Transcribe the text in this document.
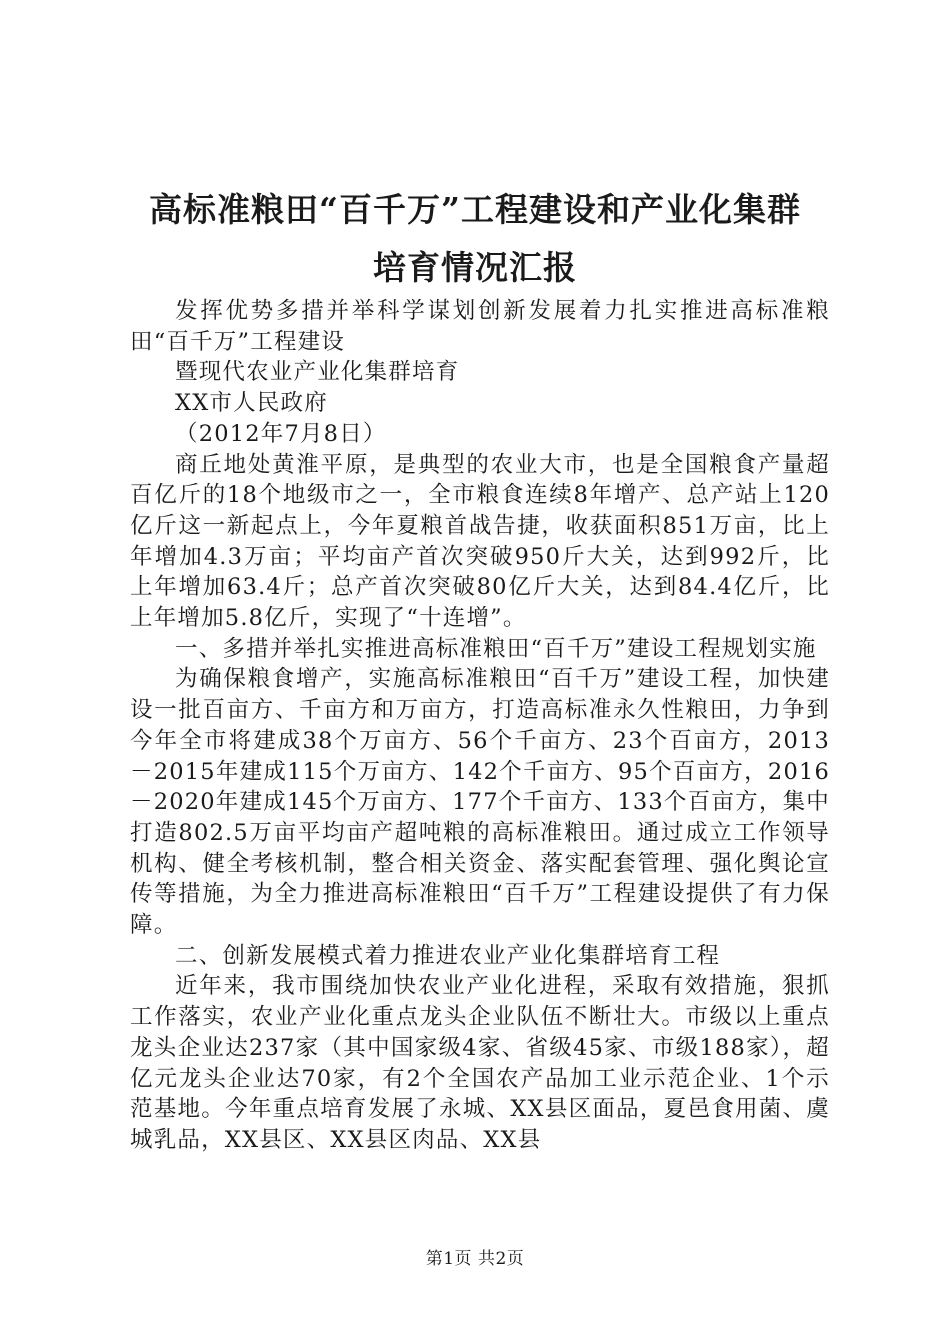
高标准粮田“百千万”工程建设和产业化集群
培育情况汇报

发挥优势多措并举科学谋划创新发展着力扎实推进高标准粮田“百千万”工程建设

暨现代农业产业化集群培育

XX市人民政府

（2012年7月8日）

商丘地处黄淮平原，是典型的农业大市，也是全国粮食产量超百亿斤的18个地级市之一，全市粮食连续8年增产、总产站上120亿斤这一新起点上，今年夏粮首战告捷，收获面积851万亩，比上年增加4.3万亩；平均亩产首次突破950斤大关，达到992斤，比上年增加63.4斤；总产首次突破80亿斤大关，达到84.4亿斤，比上年增加5.8亿斤，实现了“十连增”。

一、多措并举扎实推进高标准粮田“百千万”建设工程规划实施

为确保粮食增产，实施高标准粮田“百千万”建设工程，加快建设一批百亩方、千亩方和万亩方，打造高标准永久性粮田，力争到今年全市将建成38个万亩方、56个千亩方、23个百亩方，2013－2015年建成115个万亩方、142个千亩方、95个百亩方，2016－2020年建成145个万亩方、177个千亩方、133个百亩方，集中打造802.5万亩平均亩产超吨粮的高标准粮田。通过成立工作领导机构、健全考核机制，整合相关资金、落实配套管理、强化舆论宣传等措施，为全力推进高标准粮田“百千万”工程建设提供了有力保障。

二、创新发展模式着力推进农业产业化集群培育工程

近年来，我市围绕加快农业产业化进程，采取有效措施，狠抓工作落实，农业产业化重点龙头企业队伍不断壮大。市级以上重点龙头企业达237家（其中国家级4家、省级45家、市级188家），超亿元龙头企业达70家，有2个全国农产品加工业示范企业、1个示范基地。今年重点培育发展了永城、XX县区面品，夏邑食用菌、虞城乳品，XX县区、XX县区肉品、XX县

第1页 共2页
